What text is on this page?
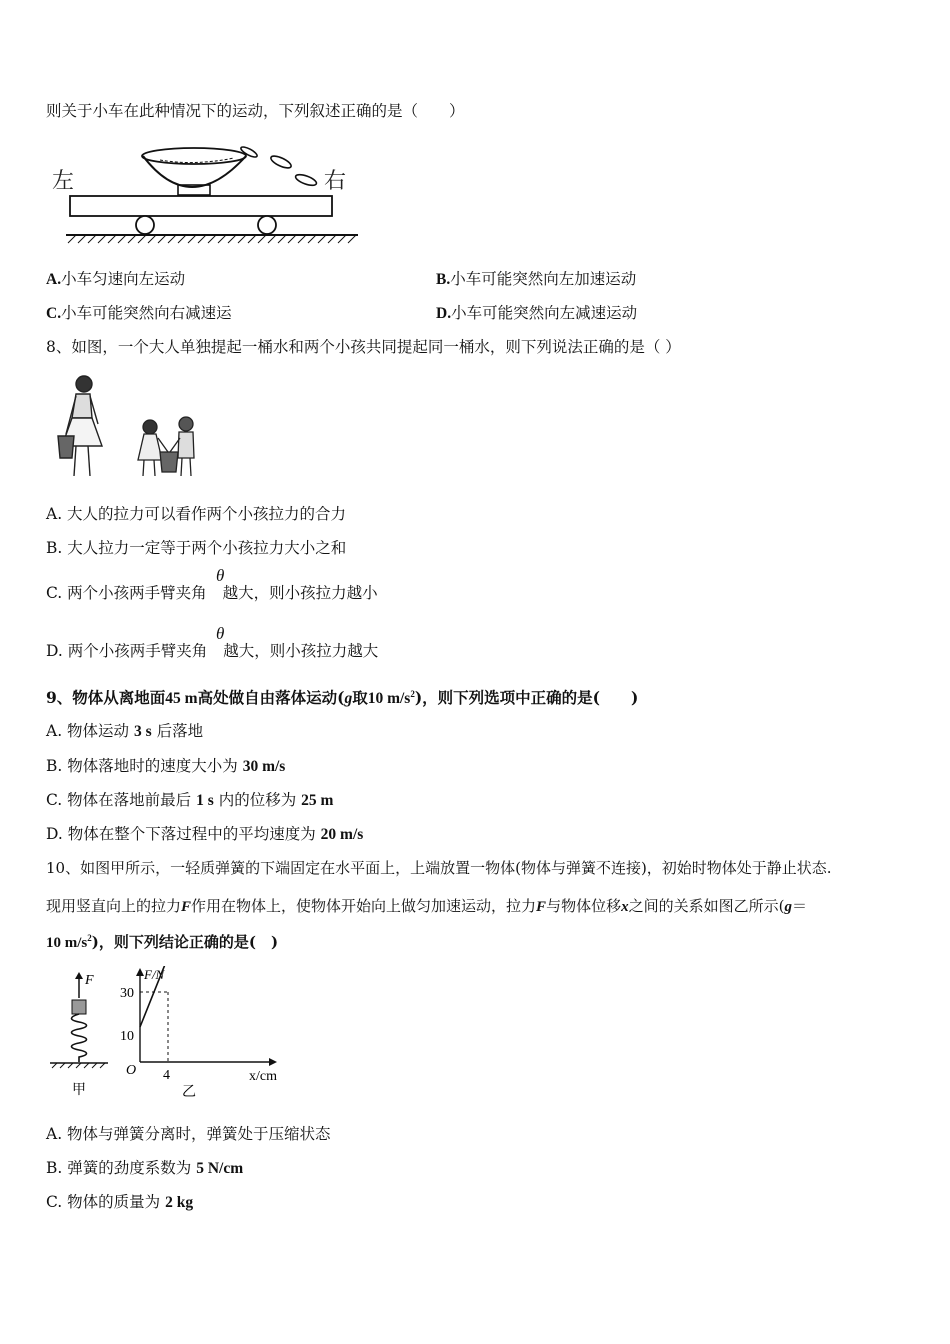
则关于小车在此种情况下的运动，下列叙述正确的是（　　）
左	右
A.小车匀速向左运动	B.小车可能突然向左加速运动
C.小车可能突然向右减速运	D.小车可能突然向左减速运动
8、如图，一个大人单独提起一桶水和两个小孩共同提起同一桶水，则下列说法正确的是（ ）
A. 大人的拉力可以看作两个小孩拉力的合力
B. 大人拉力一定等于两个小孩拉力大小之和
θ
C. 两个小孩两手臂夹角 越大，则小孩拉力越小
θ
D. 两个小孩两手臂夹角 越大，则小孩拉力越大
9、物体从离地面45 m高处做自由落体运动(g取10 $m/s^2$)，则下列选项中正确的是(　　)
A. 物体运动 3 s 后落地
B. 物体落地时的速度大小为 30 m/s
C. 物体在落地前最后 1 s 内的位移为 25 m
D. 物体在整个下落过程中的平均速度为 20 m/s
10、如图甲所示，一轻质弹簧的下端固定在水平面上，上端放置一物体(物体与弹簧不连接)，初始时物体处于静止状态.
现用竖直向上的拉力F作用在物体上，使物体开始向上做匀加速运动，拉力F与物体位移x之间的关系如图乙所示(g＝
10 $m/s^2$)，则下列结论正确的是(　)
F
甲
F/N
x/cm
O
30
10
4
乙
A. 物体与弹簧分离时，弹簧处于压缩状态
B. 弹簧的劲度系数为 5 N/cm
C. 物体的质量为 2 kg
